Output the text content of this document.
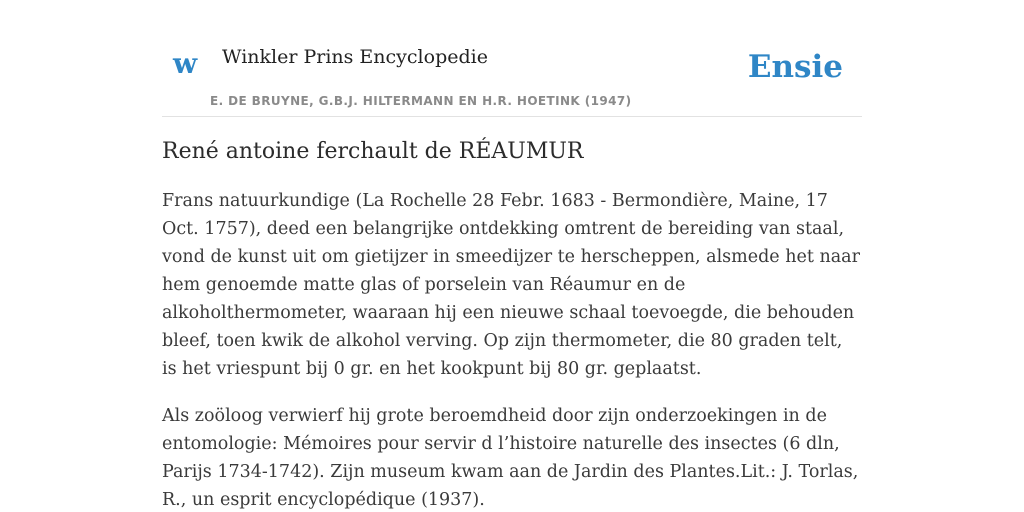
w Winkler Prins Encyclopedie
E. DE BRUYNE, G.B.J. HILTERMANN EN H.R. HOETINK (1947)
Ensie
René antoine ferchault de RÉAUMUR

Frans natuurkundige (La Rochelle 28 Febr. 1683 - Bermondière, Maine, 17 Oct. 1757), deed een belangrijke ontdekking omtrent de bereiding van staal, vond de kunst uit om gietijzer in smeedijzer te herscheppen, alsmede het naar hem genoemde matte glas of porselein van Réaumur en de alkoholthermometer, waaraan hij een nieuwe schaal toevoegde, die behouden bleef, toen kwik de alkohol verving. Op zijn thermometer, die 80 graden telt, is het vriespunt bij 0 gr. en het kookpunt bij 80 gr. geplaatst.

Als zoöloog verwierf hij grote beroemdheid door zijn onderzoekingen in de entomologie: Mémoires pour servir d l’histoire naturelle des insectes (6 dln, Parijs 1734-1742). Zijn museum kwam aan de Jardin des Plantes.Lit.: J. Torlas, R., un esprit encyclopédique (1937).
